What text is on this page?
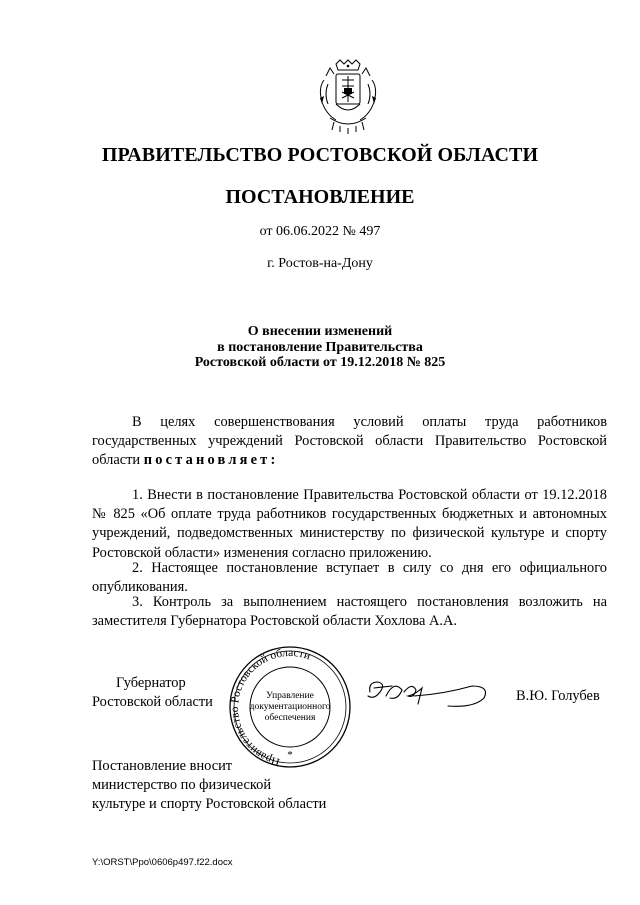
ПРАВИТЕЛЬСТВО РОСТОВСКОЙ ОБЛАСТИ
ПОСТАНОВЛЕНИЕ
от 06.06.2022 № 497
г. Ростов-на-Дону
О внесении изменений
в постановление Правительства
Ростовской области от 19.12.2018 № 825
В целях совершенствования условий оплаты труда работников государственных учреждений Ростовской области Правительство Ростовской области постановляет:
1. Внести в постановление Правительства Ростовской области от 19.12.2018 № 825 «Об оплате труда работников государственных бюджетных и автономных учреждений, подведомственных министерству по физической культуре и спорту Ростовской области» изменения согласно приложению.
2. Настоящее постановление вступает в силу со дня его официального опубликования.
3. Контроль за выполнением настоящего постановления возложить на заместителя Губернатора Ростовской области Хохлова А.А.
Губернатор
Ростовской области
Правительство Ростовской области
Управление
документационного
обеспечения
*
В.Ю. Голубев
Постановление вносит
министерство по физической
культуре и спорту Ростовской области
Y:\ORST\Ppo\0606p497.f22.docx
